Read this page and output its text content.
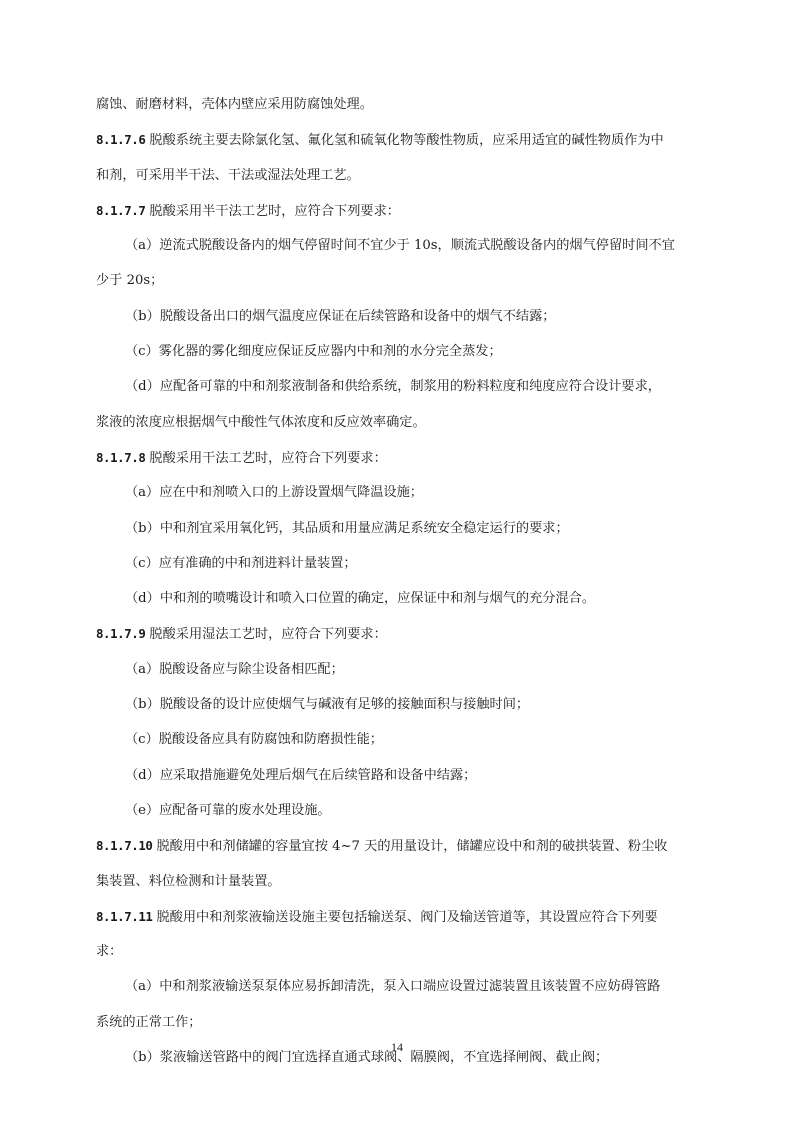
腐蚀、耐磨材料，壳体内壁应采用防腐蚀处理。
8.1.7.6 脱酸系统主要去除氯化氢、氟化氢和硫氧化物等酸性物质，应采用适宜的碱性物质作为中
和剂，可采用半干法、干法或湿法处理工艺。
8.1.7.7 脱酸采用半干法工艺时，应符合下列要求：
（a）逆流式脱酸设备内的烟气停留时间不宜少于 10s，顺流式脱酸设备内的烟气停留时间不宜
少于 20s；
（b）脱酸设备出口的烟气温度应保证在后续管路和设备中的烟气不结露；
（c）雾化器的雾化细度应保证反应器内中和剂的水分完全蒸发；
（d）应配备可靠的中和剂浆液制备和供给系统，制浆用的粉料粒度和纯度应符合设计要求，
浆液的浓度应根据烟气中酸性气体浓度和反应效率确定。
8.1.7.8 脱酸采用干法工艺时，应符合下列要求：
（a）应在中和剂喷入口的上游设置烟气降温设施；
（b）中和剂宜采用氧化钙，其品质和用量应满足系统安全稳定运行的要求；
（c）应有准确的中和剂进料计量装置；
（d）中和剂的喷嘴设计和喷入口位置的确定，应保证中和剂与烟气的充分混合。
8.1.7.9 脱酸采用湿法工艺时，应符合下列要求：
（a）脱酸设备应与除尘设备相匹配；
（b）脱酸设备的设计应使烟气与碱液有足够的接触面积与接触时间；
（c）脱酸设备应具有防腐蚀和防磨损性能；
（d）应采取措施避免处理后烟气在后续管路和设备中结露；
（e）应配备可靠的废水处理设施。
8.1.7.10 脱酸用中和剂储罐的容量宜按 4~7 天的用量设计，储罐应设中和剂的破拱装置、粉尘收
集装置、料位检测和计量装置。
8.1.7.11 脱酸用中和剂浆液输送设施主要包括输送泵、阀门及输送管道等，其设置应符合下列要
求：
（a）中和剂浆液输送泵泵体应易拆卸清洗，泵入口端应设置过滤装置且该装置不应妨碍管路
系统的正常工作；
（b）浆液输送管路中的阀门宜选择直通式球阀、隔膜阀，不宜选择闸阀、截止阀；
14
